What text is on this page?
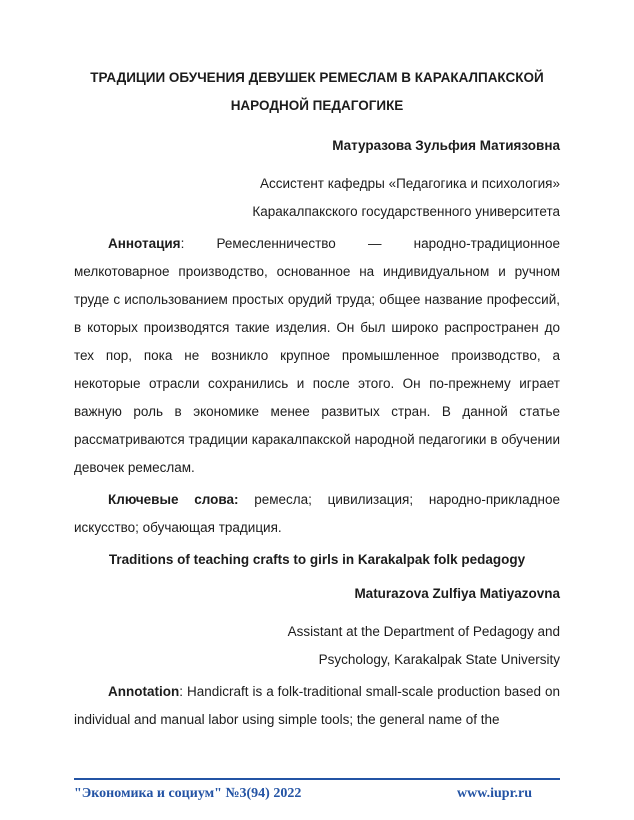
ТРАДИЦИИ ОБУЧЕНИЯ ДЕВУШЕК РЕМЕСЛАМ В КАРАКАЛПАКСКОЙ НАРОДНОЙ ПЕДАГОГИКЕ
Матуразова Зульфия Матиязовна
Ассистент кафедры «Педагогика и психология»
Каракалпакского государственного университета

Аннотация: Ремесленничество — народно-традиционное мелкотоварное производство, основанное на индивидуальном и ручном труде с использованием простых орудий труда; общее название профессий, в которых производятся такие изделия. Он был широко распространен до тех пор, пока не возникло крупное промышленное производство, а некоторые отрасли сохранились и после этого. Он по-прежнему играет важную роль в экономике менее развитых стран. В данной статье рассматриваются традиции каракалпакской народной педагогики в обучении девочек ремеслам.

Ключевые слова: ремесла; цивилизация; народно-прикладное искусство; обучающая традиция.

Traditions of teaching crafts to girls in Karakalpak folk pedagogy
Maturazova Zulfiya Matiyazovna
Assistant at the Department of Pedagogy and
Psychology, Karakalpak State University

Annotation: Handicraft is a folk-traditional small-scale production based on individual and manual labor using simple tools; the general name of the

"Экономика и социум" №3(94) 2022	www.iupr.ru
